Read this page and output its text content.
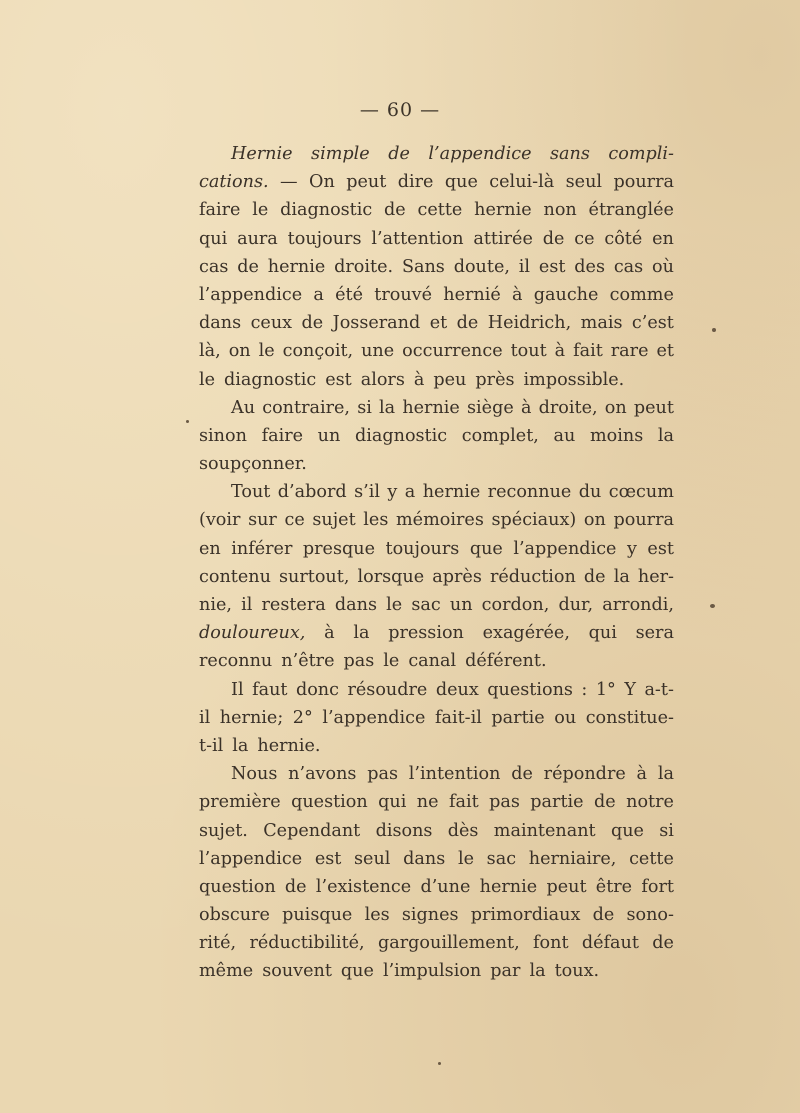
— 60 —
Hernie simple de l’appendice sans compli-
cations. — On peut dire que celui-là seul pourra
faire le diagnostic de cette hernie non étranglée
qui aura toujours l’attention attirée de ce côté en
cas de hernie droite. Sans doute, il est des cas où
l’appendice a été trouvé hernié à gauche comme
dans ceux de Josserand et de Heidrich, mais c’est
là, on le conçoit, une occurrence tout à fait rare et
le diagnostic est alors à peu près impossible.
Au contraire, si la hernie siège à droite, on peut
sinon faire un diagnostic complet, au moins la
soupçonner.
Tout d’abord s’il y a hernie reconnue du cœcum
(voir sur ce sujet les mémoires spéciaux) on pourra
en inférer presque toujours que l’appendice y est
contenu surtout, lorsque après réduction de la her-
nie, il restera dans le sac un cordon, dur, arrondi,
douloureux, à la pression exagérée, qui sera
reconnu n’être pas le canal déférent.
Il faut donc résoudre deux questions : 1° Y a-t-
il hernie; 2° l’appendice fait-il partie ou constitue-
t-il la hernie.
Nous n’avons pas l’intention de répondre à la
première question qui ne fait pas partie de notre
sujet. Cependant disons dès maintenant que si
l’appendice est seul dans le sac herniaire, cette
question de l’existence d’une hernie peut être fort
obscure puisque les signes primordiaux de sono-
rité, réductibilité, gargouillement, font défaut de
même souvent que l’impulsion par la toux.
